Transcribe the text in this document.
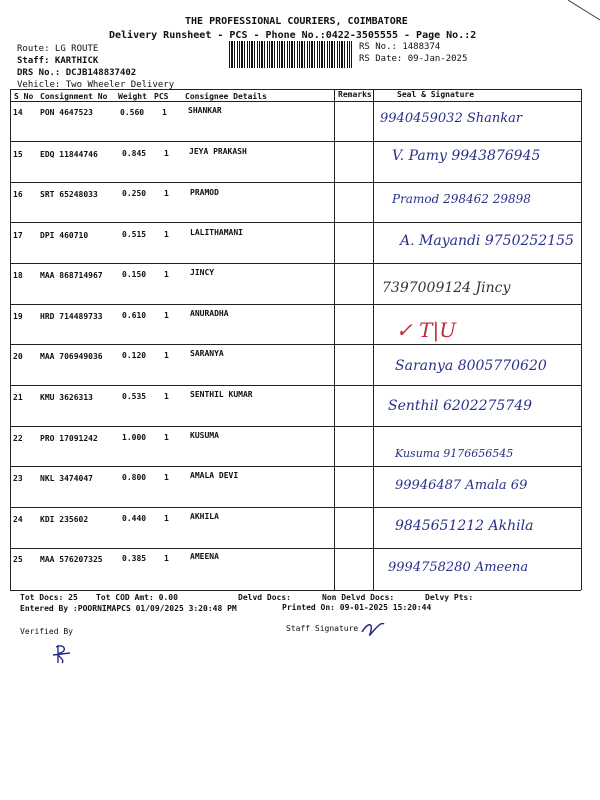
THE PROFESSIONAL COURIERS, COIMBATORE
Delivery Runsheet - PCS - Phone No.:0422-3505555 - Page No.:2
Route: LG ROUTE
Staff: KARTHICK
DRS No.: DCJB148837402
Vehicle: Two Wheeler Delivery
RS No.: 1488374
RS Date: 09-Jan-2025
S No Consignment No Weight PCS Consignee Details	Remarks	Seal & Signature
14 PON 4647523	0.560 1	SHANKAR
9940459032 Shankar
15 EDQ 11844746	0.845 1	JEYA PRAKASH	V. Pamy 9943876945
16 SRT 65248033	0.250 1	PRAMOD	Pramod 298462 29898
17 DPI 460710	0.515 1	LALITHAMANI
A. Mayandi 9750252155
18 MAA 868714967 0.150 1	JINCY
7397009124 Jincy
19 HRD 714489733 0.610 1	ANURADHA
✓ T|U
20 MAA 706949036 0.120 1	SARANYA
Saranya 8005770620
21 KMU 3626313	0.535 1	SENTHIL KUMAR
Senthil 6202275749
22 PRO 17091242	1.000 1	KUSUMA
Kusuma 9176656545
23 NKL 3474047	0.800 1	AMALA DEVI
99946487 Amala 69
24 KDI 235602	0.440 1	AKHILA
9845651212 Akhila
25 MAA 576207325 0.385 1	AMEENA
9994758280 Ameena
Tot Docs: 25 Tot COD Amt: 0.00	Delvd Docs:	Non Delvd Docs:	Delvy Pts:
Entered By :POORNIMAPCS 01/09/2025 3:20:48 PM	Printed On: 09-01-2025 15:20:44
Verified By	Staff Signature
